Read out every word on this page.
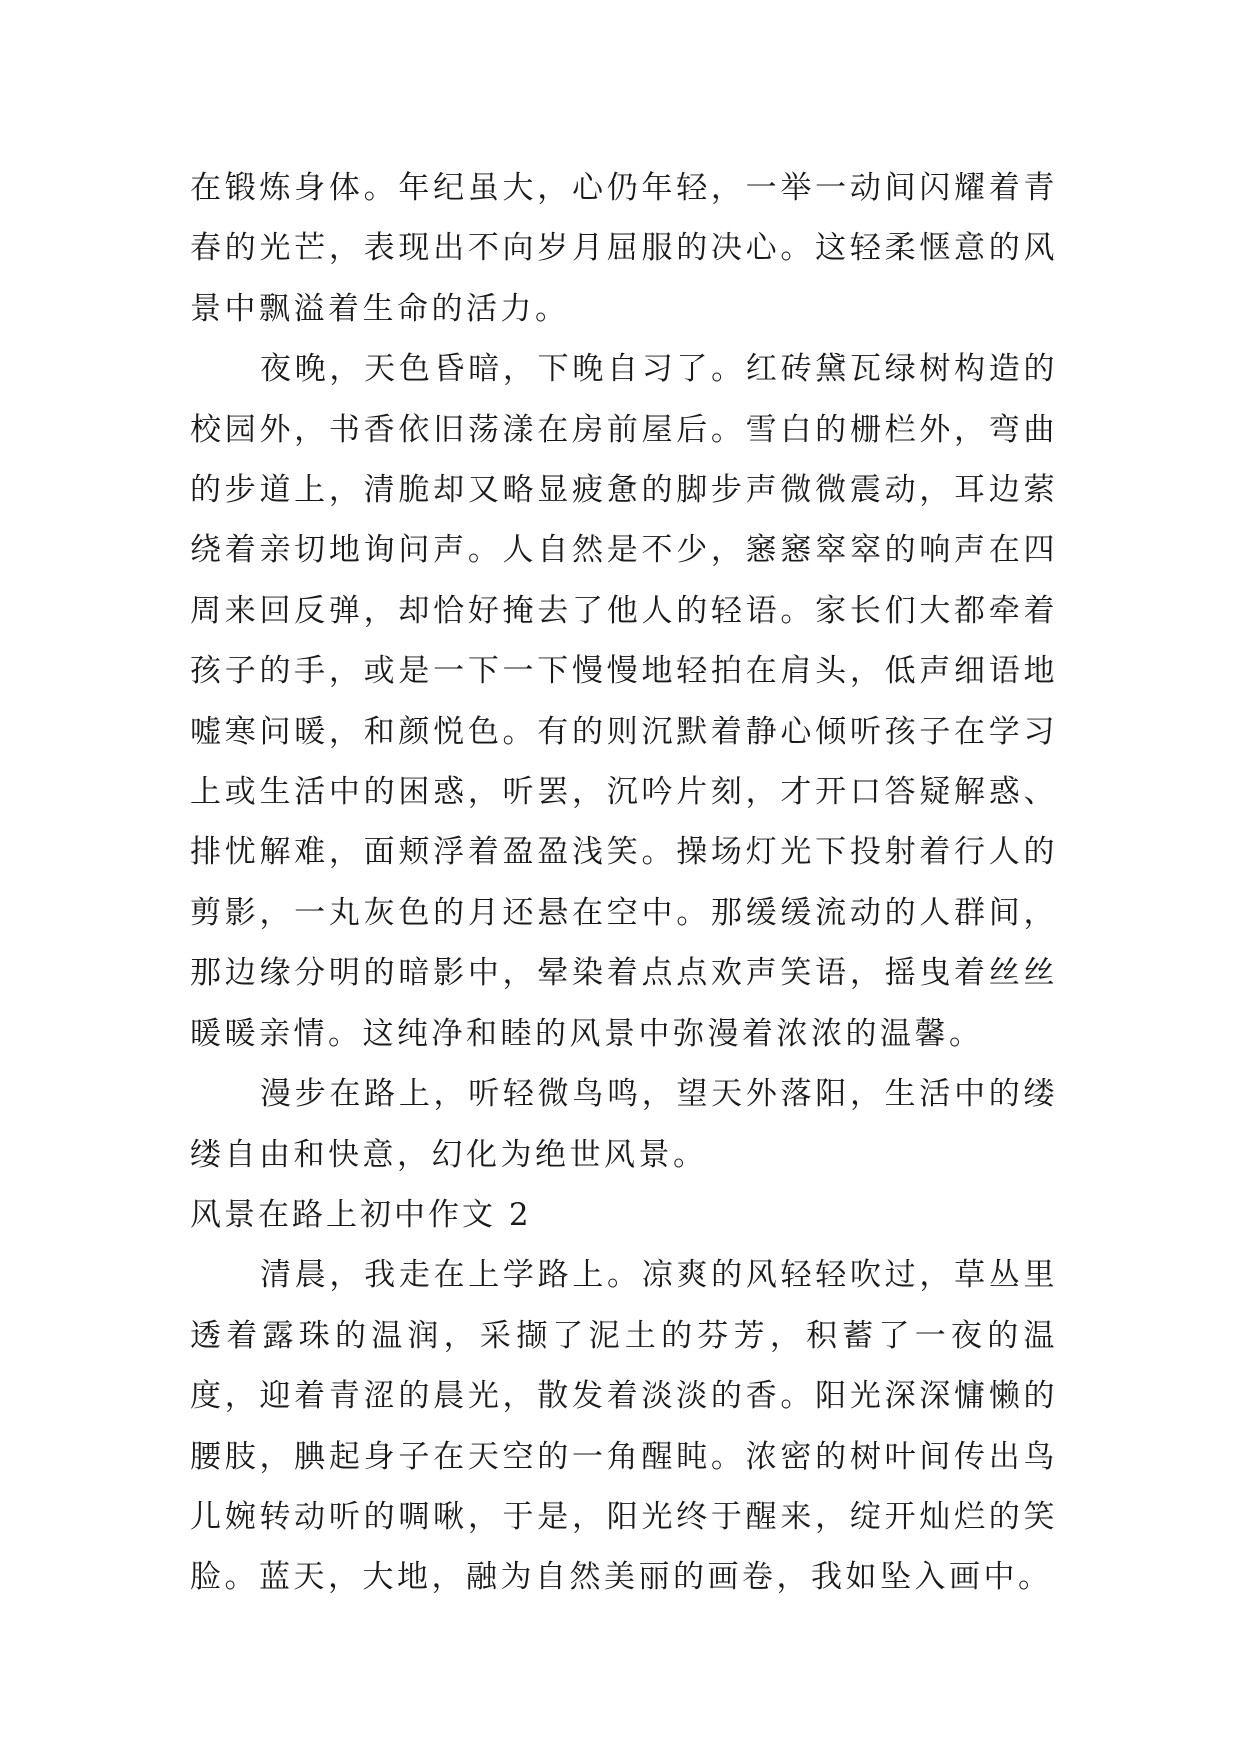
在锻炼身体。年纪虽大，心仍年轻，一举一动间闪耀着青春的光芒，表现出不向岁月屈服的决心。这轻柔惬意的风景中飘溢着生命的活力。

夜晚，天色昏暗，下晚自习了。红砖黛瓦绿树构造的校园外，书香依旧荡漾在房前屋后。雪白的栅栏外，弯曲的步道上，清脆却又略显疲惫的脚步声微微震动，耳边萦绕着亲切地询问声。人自然是不少，窸窸窣窣的响声在四周来回反弹，却恰好掩去了他人的轻语。家长们大都牵着孩子的手，或是一下一下慢慢地轻拍在肩头，低声细语地嘘寒问暖，和颜悦色。有的则沉默着静心倾听孩子在学习上或生活中的困惑，听罢，沉吟片刻，才开口答疑解惑、排忧解难，面颊浮着盈盈浅笑。操场灯光下投射着行人的剪影，一丸灰色的月还悬在空中。那缓缓流动的人群间，那边缘分明的暗影中，晕染着点点欢声笑语，摇曳着丝丝暖暖亲情。这纯净和睦的风景中弥漫着浓浓的温馨。

漫步在路上，听轻微鸟鸣，望天外落阳，生活中的缕缕自由和快意，幻化为绝世风景。

风景在路上初中作文 2

清晨，我走在上学路上。凉爽的风轻轻吹过，草丛里透着露珠的温润，采撷了泥土的芬芳，积蓄了一夜的温度，迎着青涩的晨光，散发着淡淡的香。阳光深深慵懒的腰肢，腆起身子在天空的一角醒盹。浓密的树叶间传出鸟儿婉转动听的啁啾，于是，阳光终于醒来，绽开灿烂的笑脸。蓝天，大地，融为自然美丽的画卷，我如坠入画中。
